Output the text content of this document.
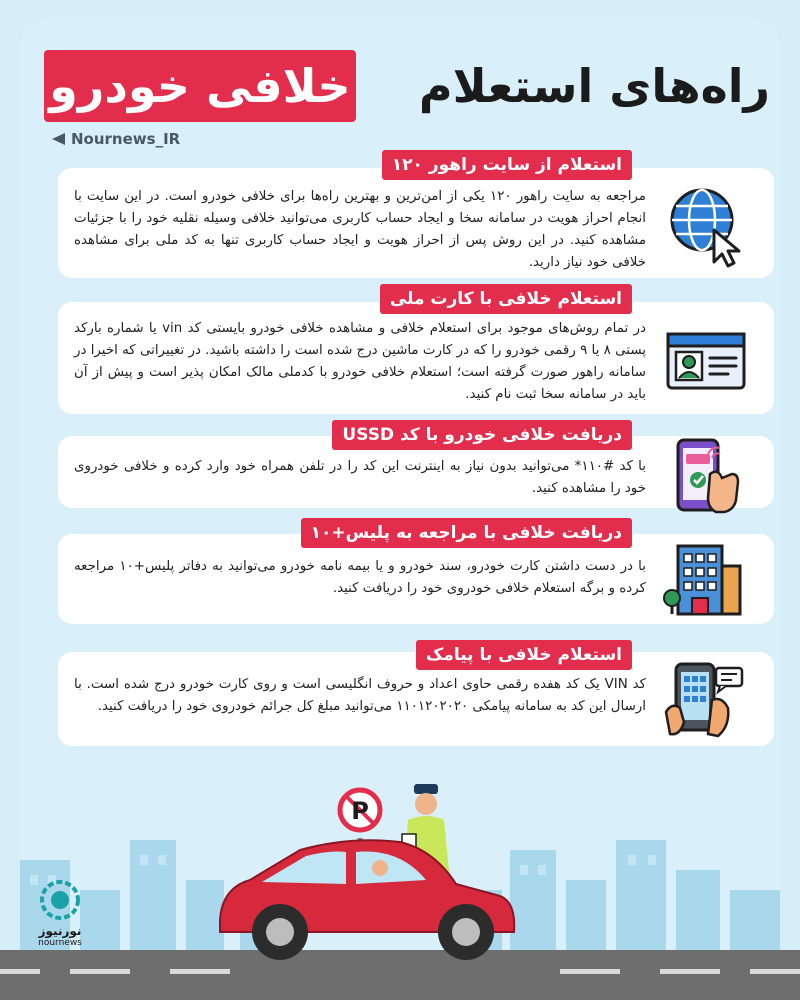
خلافی خودرو	راه‌های استعلام
Nournews_IR
استعلام از سایت راهور ۱۲۰
مراجعه به سایت راهور ۱۲۰ یکی از امن‌ترین و بهترین راه‌ها برای خلافی خودرو است. در این سایت با انجام احراز هویت در سامانه سخا و ایجاد حساب کاربری می‌توانید خلافی وسیله نقلیه خود را با جزئیات مشاهده کنید. در این روش پس از احراز هویت و ایجاد حساب کاربری تنها به کد ملی برای مشاهده خلافی خود نیاز دارید.
استعلام خلافی با کارت ملی
در تمام روش‌های موجود برای استعلام خلافی و مشاهده خلافی خودرو بایستی کد vin یا شماره بارکد پستی ۸ یا ۹ رقمی خودرو را که در کارت ماشین درج شده است را داشته باشید. در تغییراتی که اخیرا در سامانه راهور صورت گرفته است؛ استعلام خلافی خودرو با کدملی مالک امکان پذیر است و پیش از آن باید در سامانه سخا ثبت نام کنید.
دریافت خلافی خودرو با کد USSD
با کد #۱۱۰* می‌توانید بدون نیاز به اینترنت این کد را در تلفن همراه خود وارد کرده و خلافی خودروی خود را مشاهده کنید.
دریافت خلافی با مراجعه به پلیس+۱۰
با در دست داشتن کارت خودرو، سند خودرو و یا بیمه نامه خودرو می‌توانید به دفاتر پلیس+۱۰ مراجعه کرده و برگه استعلام خلافی خودروی خود را دریافت کنید.
استعلام خلافی با پیامک
کد VIN یک کد هفده رقمی حاوی اعداد و حروف انگلیسی است و روی کارت خودرو درج شده است. با ارسال این کد به سامانه پیامکی ۱۱۰۱۲۰۲۰۲۰ می‌توانید مبلغ کل جرائم خودروی خود را دریافت کنید.
P
نورنیوز
nournews
